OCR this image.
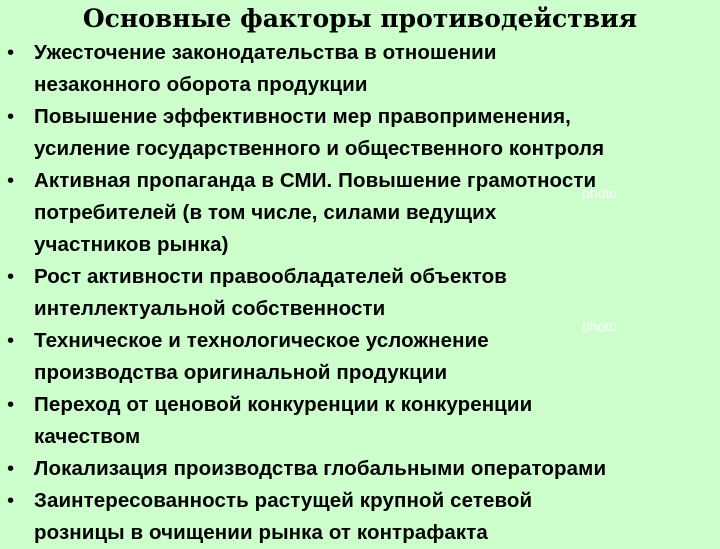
Основные факторы противодействия
• Ужесточение законодательства в отношении
незаконного оборота продукции
• Повышение эффективности мер правоприменения,
усиление государственного и общественного контроля
• Активная пропаганда в СМИ. Повышение грамотности
потребителей (в том числе, силами ведущих
участников рынка)
• Рост активности правообладателей объектов
интеллектуальной собственности
• Техническое и технологическое усложнение
производства оригинальной продукции
• Переход от ценовой конкуренции к конкуренции
качеством
• Локализация производства глобальными операторами
• Заинтересованность растущей крупной сетевой
розницы в очищении рынка от контрафакта
photo
photo
